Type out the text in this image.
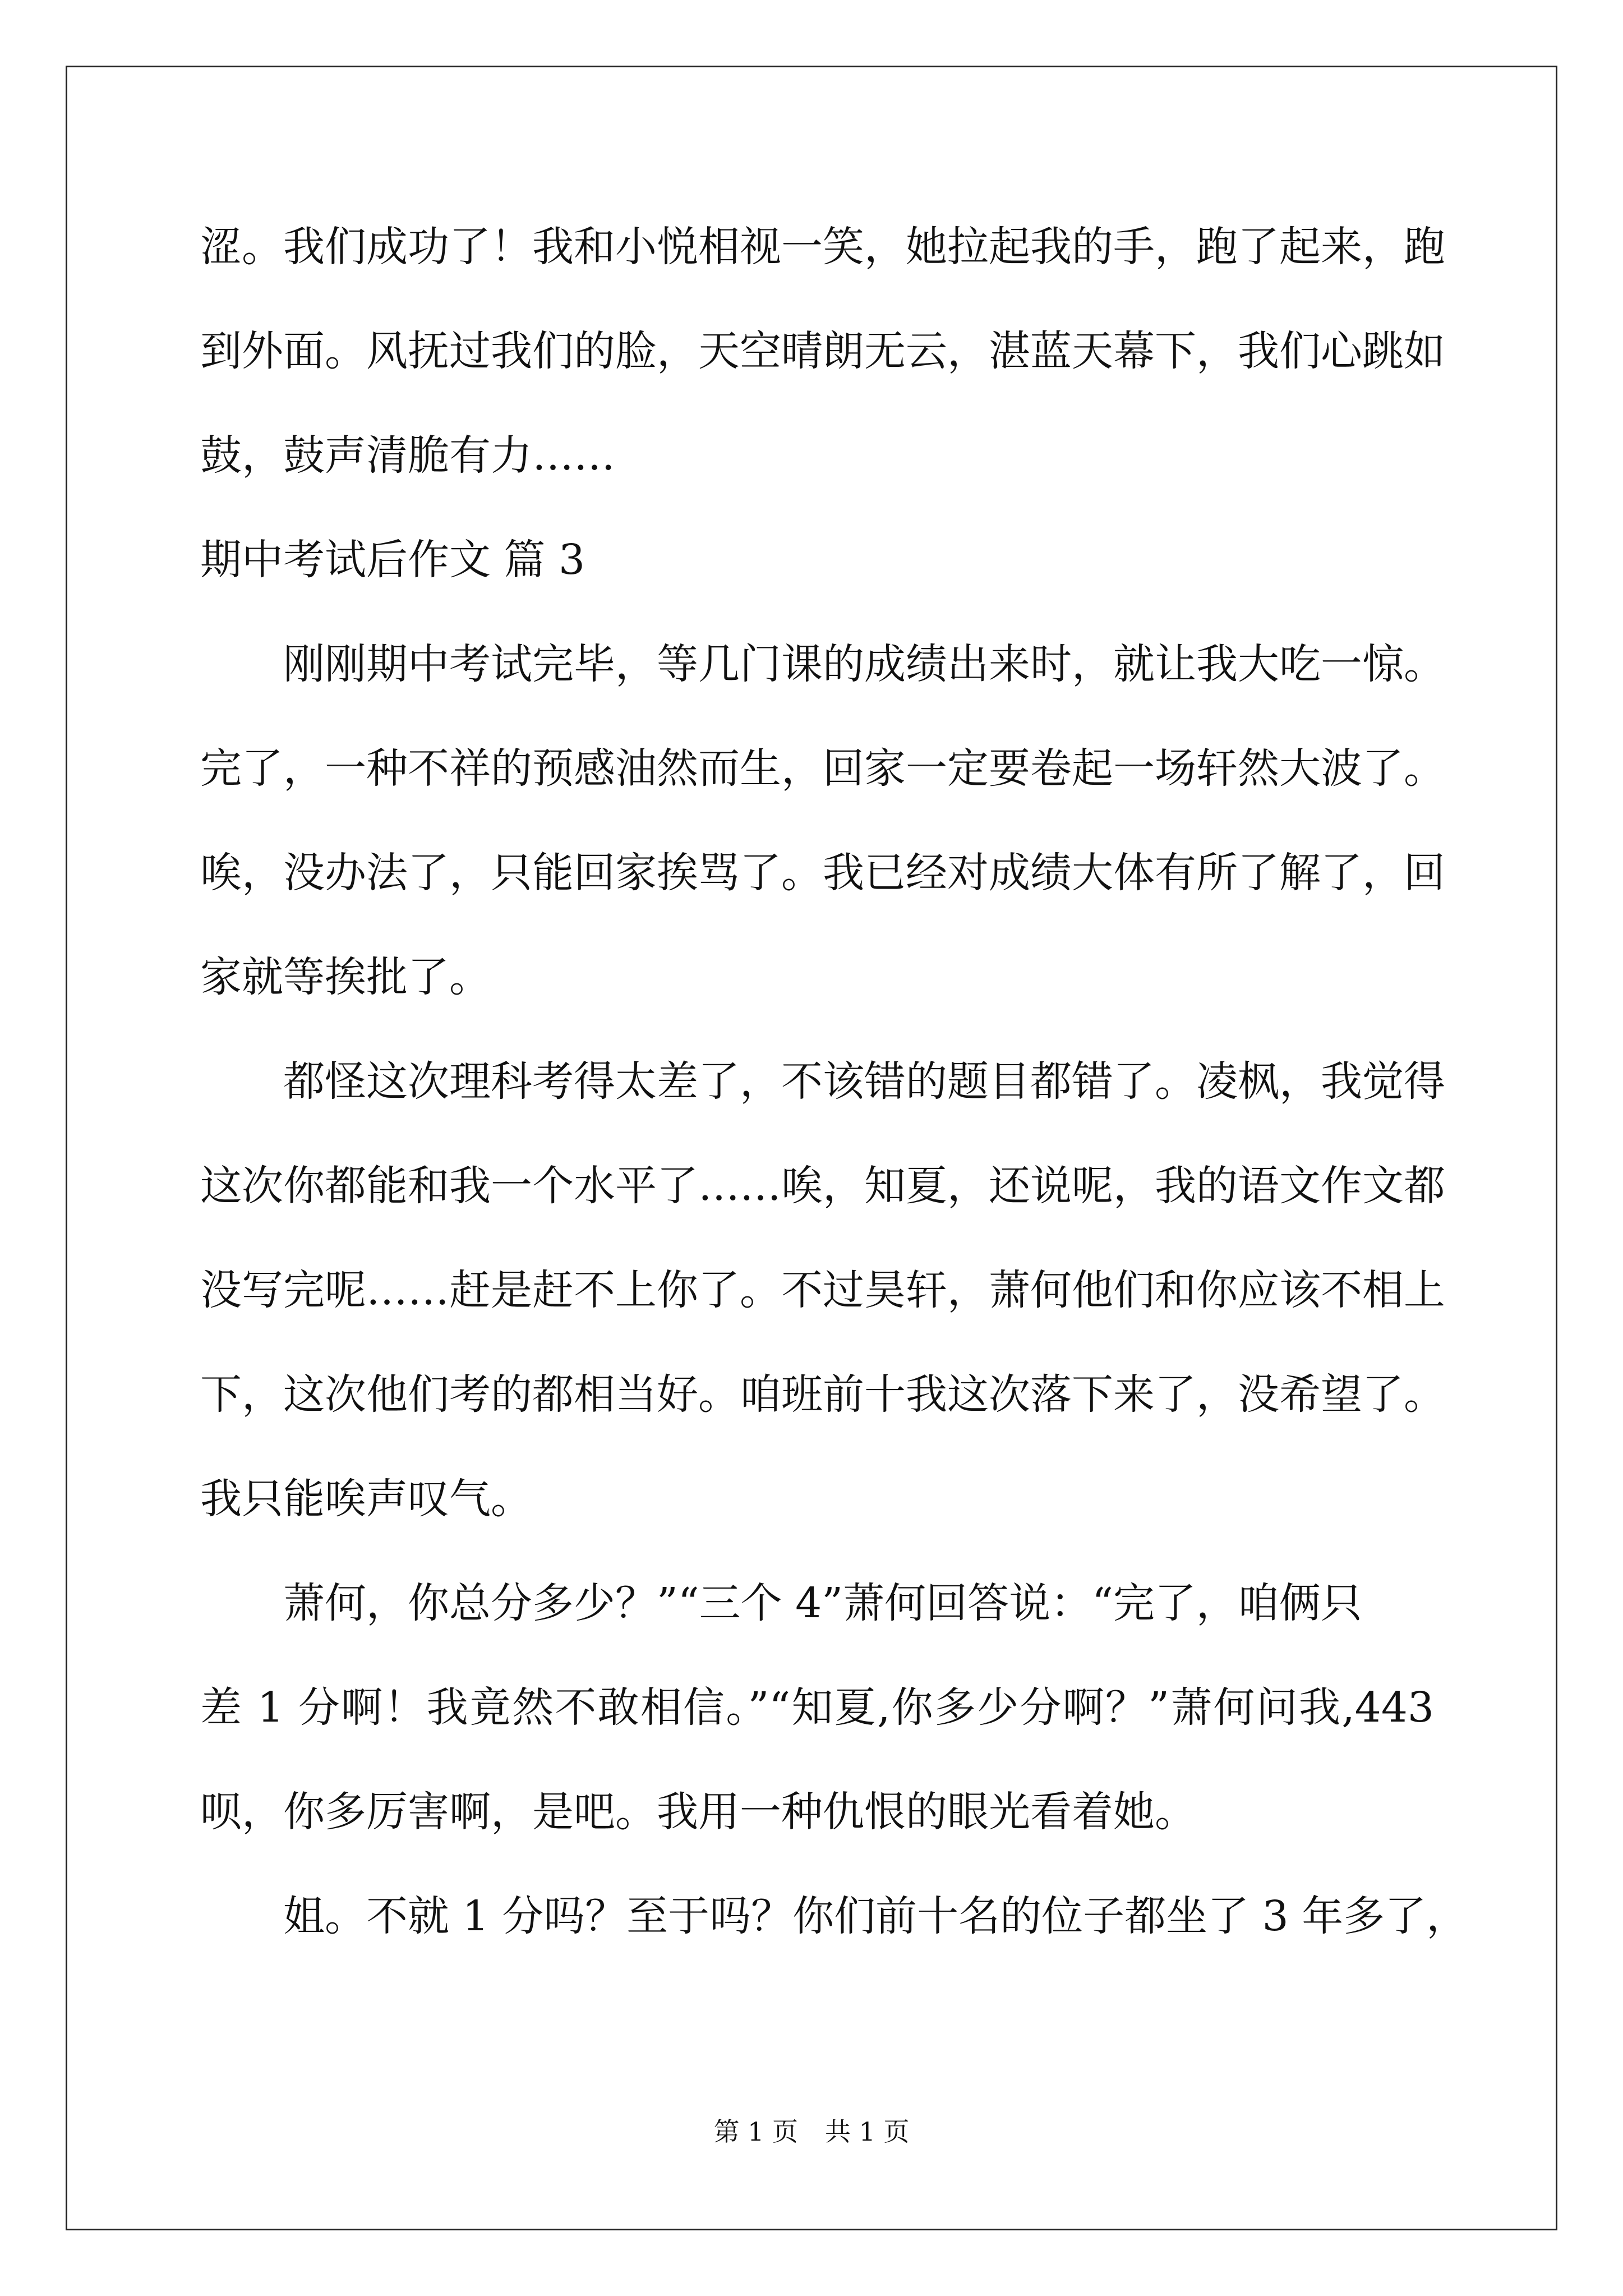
涩。我们成功了！我和小悦相视一笑，她拉起我的手，跑了起来，跑
到外面。风抚过我们的脸，天空晴朗无云，湛蓝天幕下，我们心跳如
鼓，鼓声清脆有力……
期中考试后作文 篇 3
刚刚期中考试完毕，等几门课的成绩出来时，就让我大吃一惊。
完了，一种不祥的预感油然而生，回家一定要卷起一场轩然大波了。
唉，没办法了，只能回家挨骂了。我已经对成绩大体有所了解了，回
家就等挨批了。
都怪这次理科考得太差了，不该错的题目都错了。凌枫，我觉得
这次你都能和我一个水平了……唉，知夏，还说呢，我的语文作文都
没写完呢……赶是赶不上你了。不过昊轩，萧何他们和你应该不相上
下，这次他们考的都相当好。咱班前十我这次落下来了，没希望了。
我只能唉声叹气。
萧何，你总分多少？”“三个 4”萧何回答说：“完了，咱俩只
差 1 分啊！我竟然不敢相信。”“知夏,你多少分啊？”萧何问我,443
呗，你多厉害啊，是吧。我用一种仇恨的眼光看着她。
姐。不就 1 分吗？至于吗？你们前十名的位子都坐了 3 年多了，
第 1 页 共 1 页
